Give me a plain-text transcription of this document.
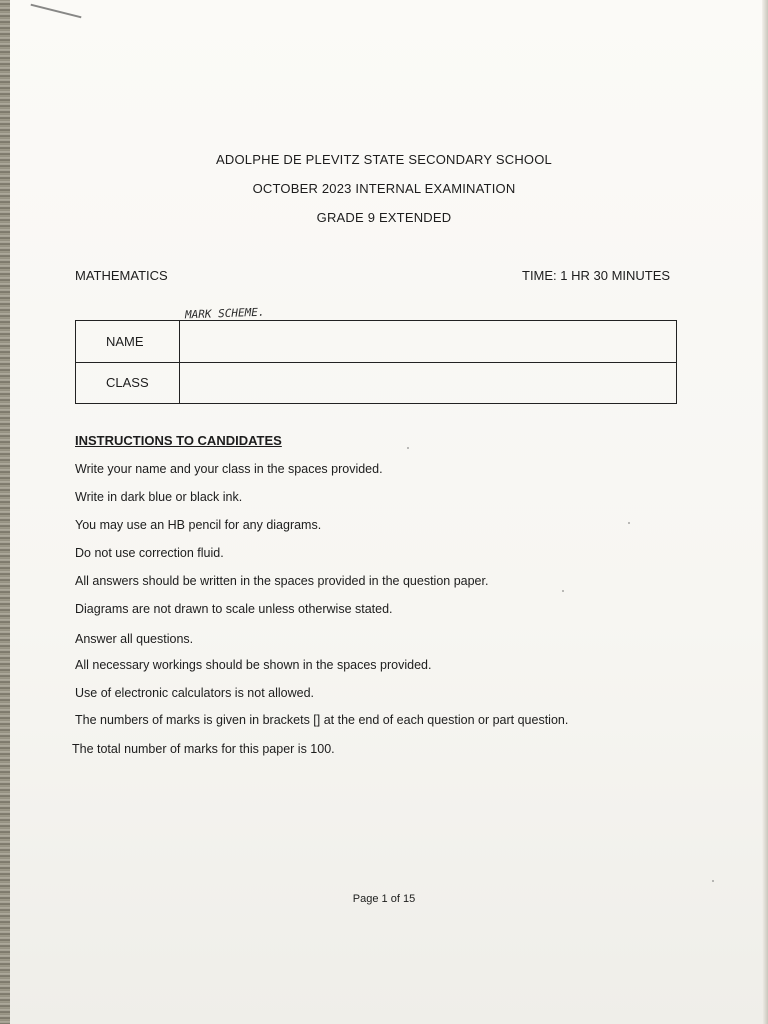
ADOLPHE DE PLEVITZ STATE SECONDARY SCHOOL
OCTOBER 2023 INTERNAL EXAMINATION
GRADE 9 EXTENDED
MATHEMATICS	TIME: 1 HR 30 MINUTES
MARK SCHEME.
NAME
CLASS
INSTRUCTIONS TO CANDIDATES
Write your name and your class in the spaces provided.
Write in dark blue or black ink.
You may use an HB pencil for any diagrams.
Do not use correction fluid.
All answers should be written in the spaces provided in the question paper.
Diagrams are not drawn to scale unless otherwise stated.
Answer all questions.
All necessary workings should be shown in the spaces provided.
Use of electronic calculators is not allowed.
The numbers of marks is given in brackets [] at the end of each question or part question.
The total number of marks for this paper is 100.
Page 1 of 15
